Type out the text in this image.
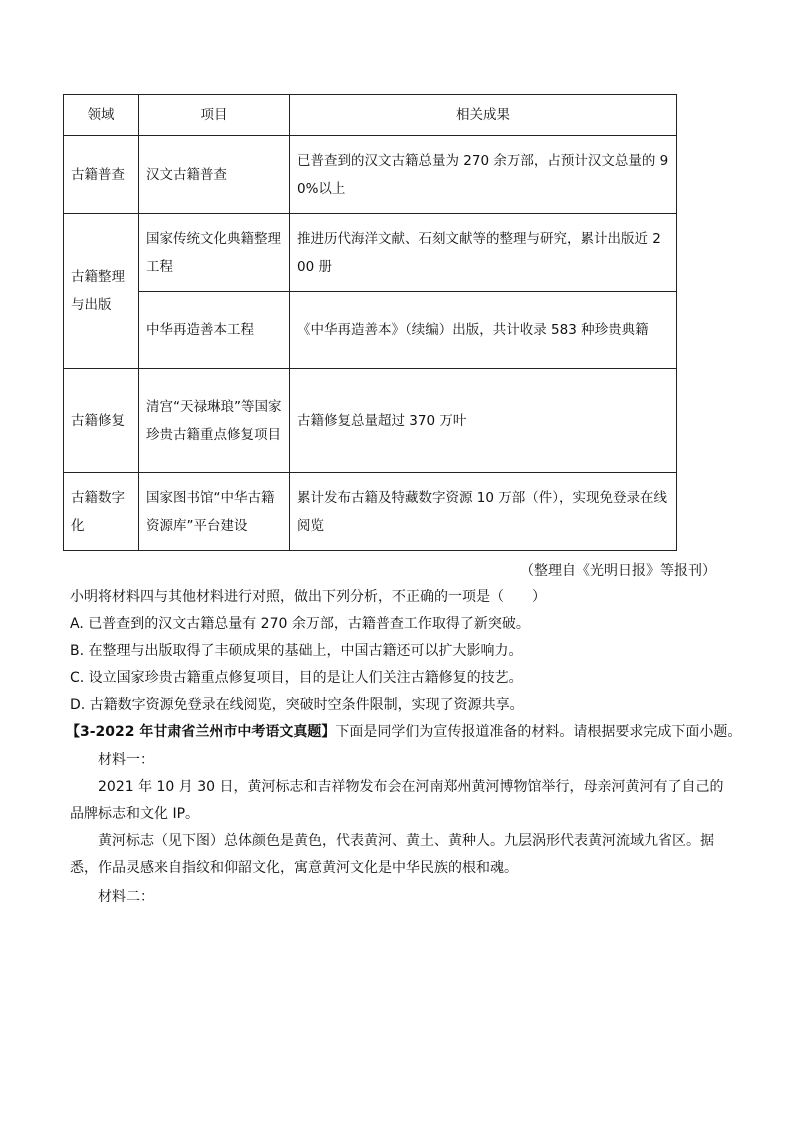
领域	项目	相关成果
古籍普查	汉文古籍普查	已普查到的汉文古籍总量为 270 余万部，占预计汉文总量的 90%以上
古籍整理与出版	国家传统文化典籍整理工程	推进历代海洋文献、石刻文献等的整理与研究，累计出版近 200 册
	中华再造善本工程	《中华再造善本》（续编）出版，共计收录 583 种珍贵典籍
古籍修复	清宫“天禄琳琅”等国家珍贵古籍重点修复项目	古籍修复总量超过 370 万叶
古籍数字化	国家图书馆“中华古籍资源库”平台建设	累计发布古籍及特藏数字资源 10 万部（件），实现免登录在线阅览
（整理自《光明日报》等报刊）
小明将材料四与其他材料进行对照，做出下列分析，不正确的一项是（　　）
A. 已普查到的汉文古籍总量有 270 余万部，古籍普查工作取得了新突破。
B. 在整理与出版取得了丰硕成果的基础上，中国古籍还可以扩大影响力。
C. 设立国家珍贵古籍重点修复项目，目的是让人们关注古籍修复的技艺。
D. 古籍数字资源免登录在线阅览，突破时空条件限制，实现了资源共享。
【3-2022 年甘肃省兰州市中考语文真题】下面是同学们为宣传报道准备的材料。请根据要求完成下面小题。
材料一：
2021 年 10 月 30 日，黄河标志和吉祥物发布会在河南郑州黄河博物馆举行，母亲河黄河有了自己的品牌标志和文化 IP。
黄河标志（见下图）总体颜色是黄色，代表黄河、黄土、黄种人。九层涡形代表黄河流域九省区。据悉，作品灵感来自指纹和仰韶文化，寓意黄河文化是中华民族的根和魂。
材料二：
